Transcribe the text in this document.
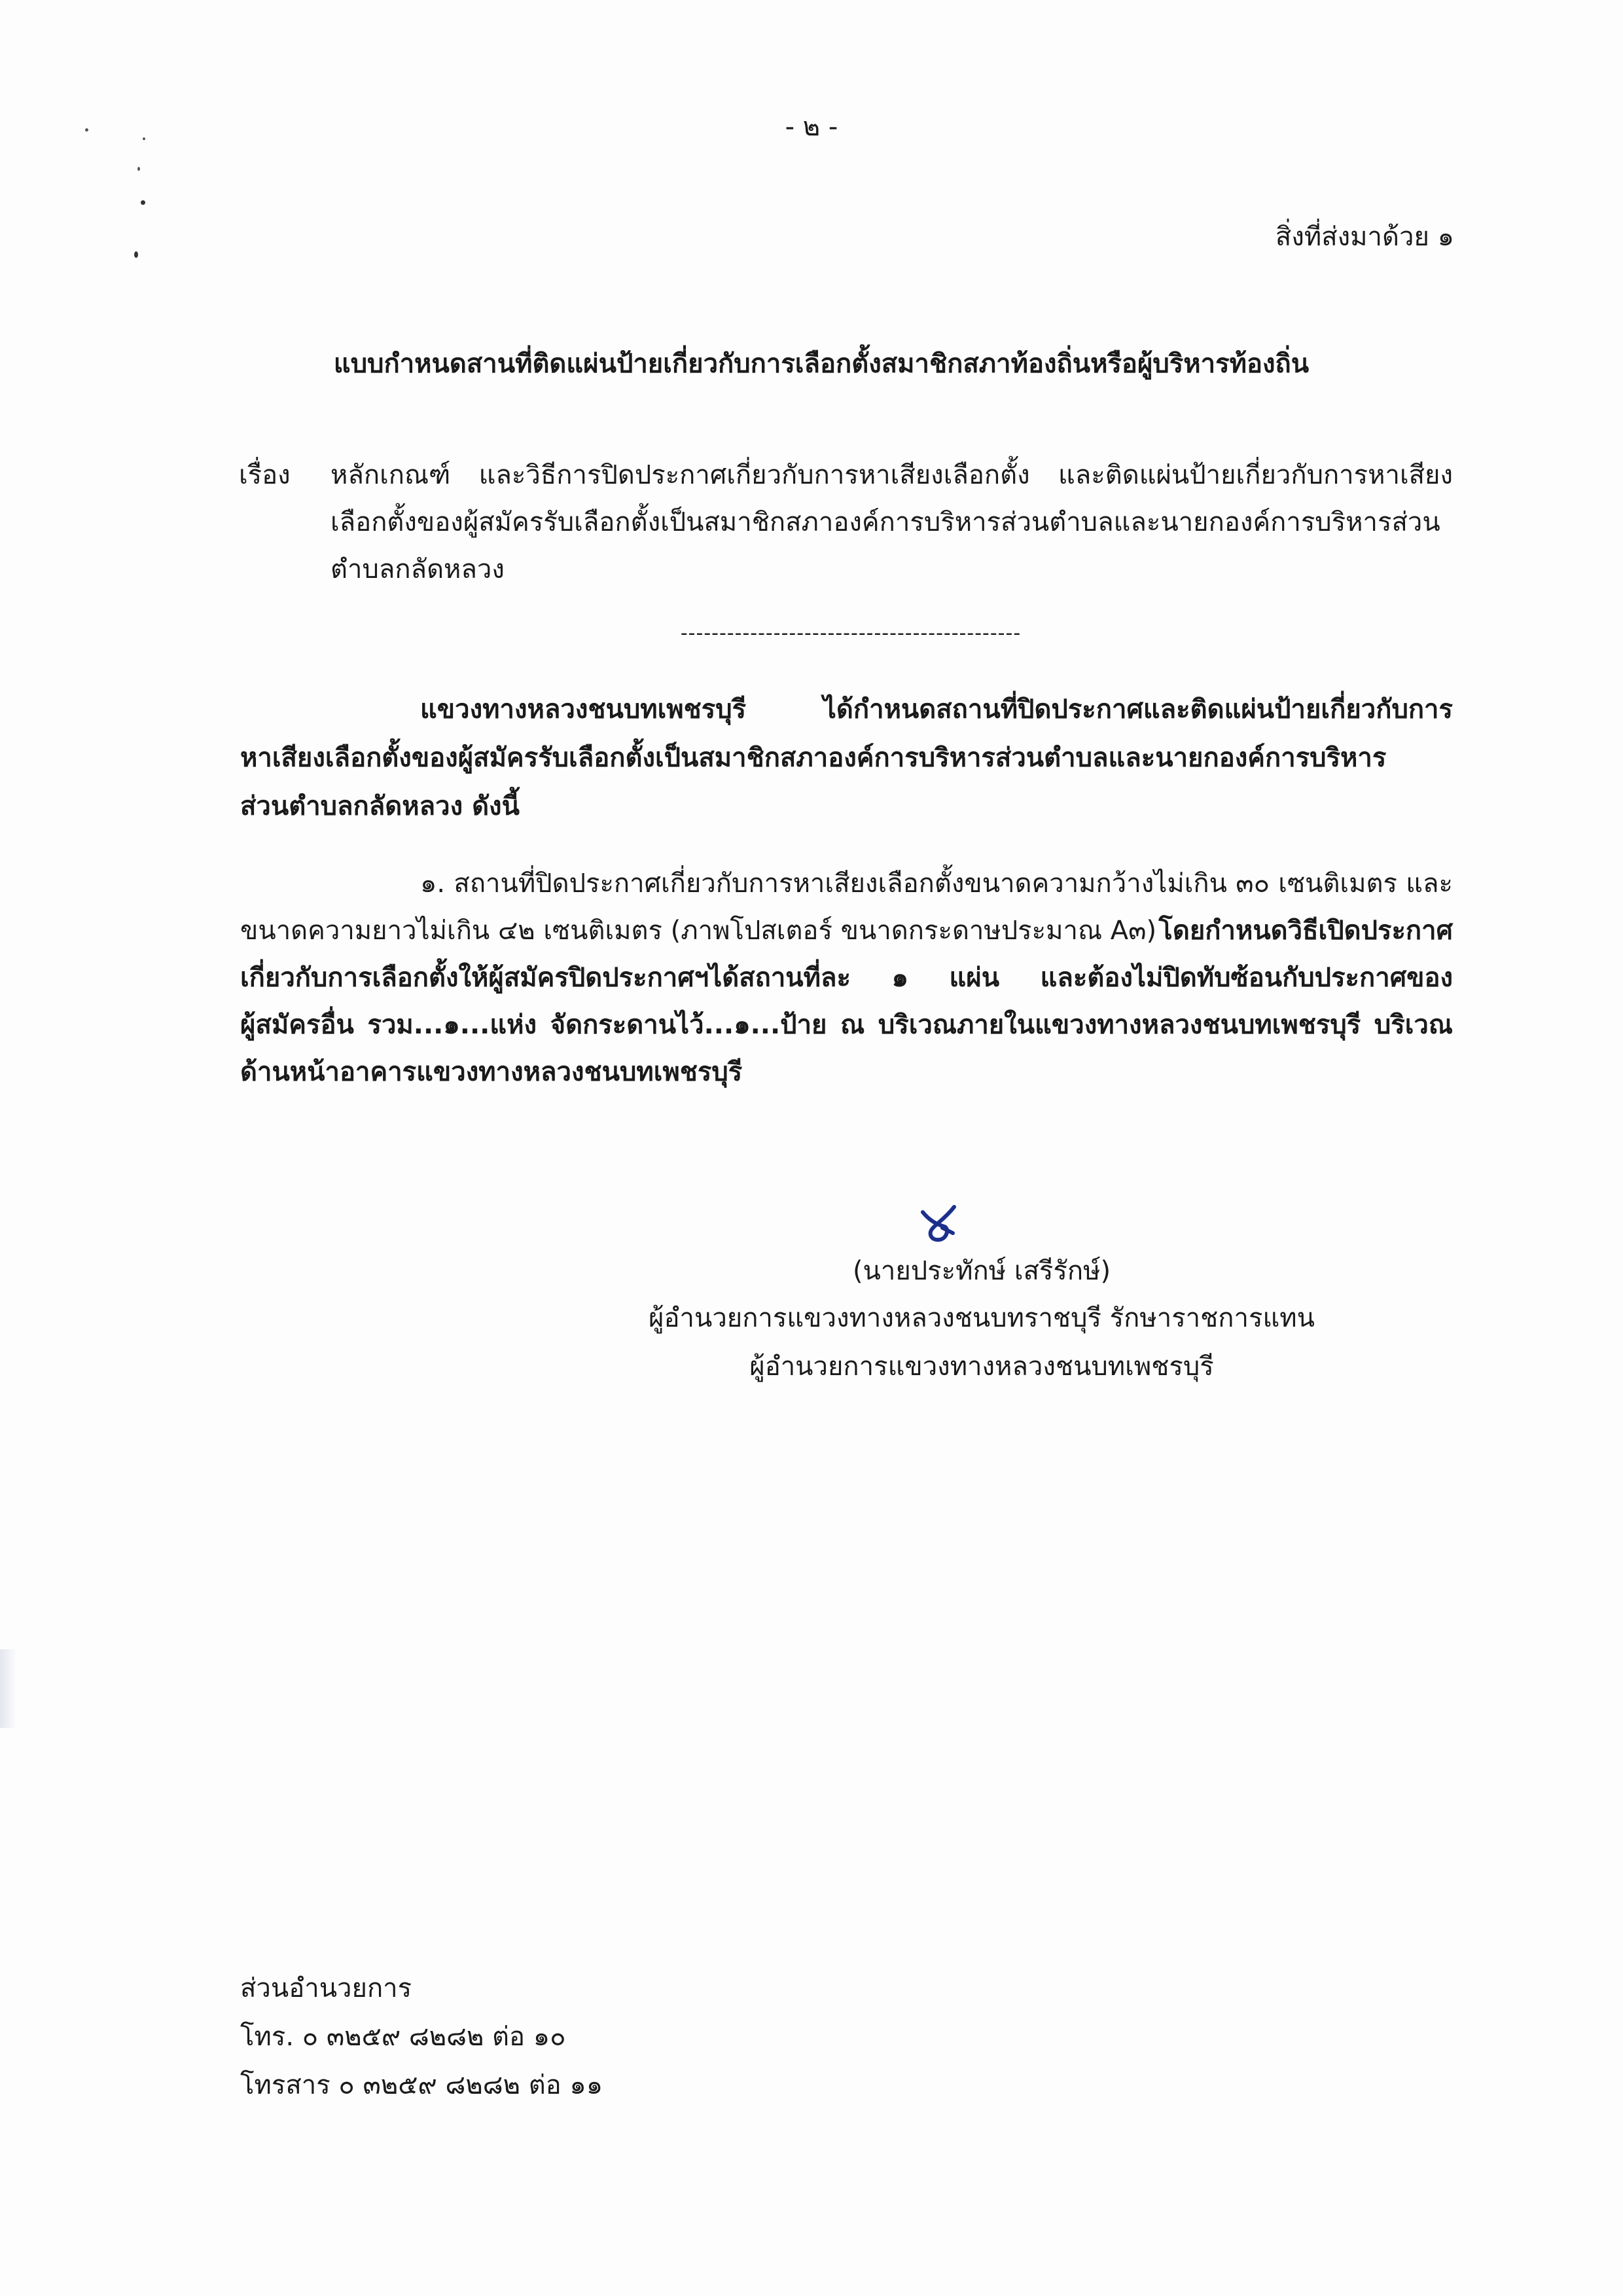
- ๒ -
สิ่งที่ส่งมาด้วย ๑
แบบกำหนดสานที่ติดแผ่นป้ายเกี่ยวกับการเลือกตั้งสมาชิกสภาท้องถิ่นหรือผู้บริหารท้องถิ่น
เรื่อง หลักเกณฑ์ และวิธีการปิดประกาศเกี่ยวกับการหาเสียงเลือกตั้ง และติดแผ่นป้ายเกี่ยวกับการหาเสียง
เลือกตั้งของผู้สมัครรับเลือกตั้งเป็นสมาชิกสภาองค์การบริหารส่วนตำบลและนายกองค์การบริหารส่วน
ตำบลกลัดหลวง
--------------------------------------------
แขวงทางหลวงชนบทเพชรบุรี ได้กำหนดสถานที่ปิดประกาศและติดแผ่นป้ายเกี่ยวกับการ
หาเสียงเลือกตั้งของผู้สมัครรับเลือกตั้งเป็นสมาชิกสภาองค์การบริหารส่วนตำบลและนายกองค์การบริหาร
ส่วนตำบลกลัดหลวง ดังนี้
๑. สถานที่ปิดประกาศเกี่ยวกับการหาเสียงเลือกตั้งขนาดความกว้างไม่เกิน ๓๐ เซนติเมตร และ
ขนาดความยาวไม่เกิน ๔๒ เซนติเมตร (ภาพโปสเตอร์ ขนาดกระดาษประมาณ A๓) โดยกำหนดวิธีเปิดประกาศ
เกี่ยวกับการเลือกตั้งให้ผู้สมัครปิดประกาศฯได้สถานที่ละ ๑ แผ่น และต้องไม่ปิดทับซ้อนกับประกาศของ
ผู้สมัครอื่น รวม...๑...แห่ง จัดกระดานไว้...๑...ป้าย ณ บริเวณภายในแขวงทางหลวงชนบทเพชรบุรี บริเวณ
ด้านหน้าอาคารแขวงทางหลวงชนบทเพชรบุรี
(นายประทักษ์ เสรีรักษ์)
ผู้อำนวยการแขวงทางหลวงชนบทราชบุรี รักษาราชการแทน
ผู้อำนวยการแขวงทางหลวงชนบทเพชรบุรี
ส่วนอำนวยการ
โทร. ๐ ๓๒๕๙ ๘๒๘๒ ต่อ ๑๐
โทรสาร ๐ ๓๒๕๙ ๘๒๘๒ ต่อ ๑๑
